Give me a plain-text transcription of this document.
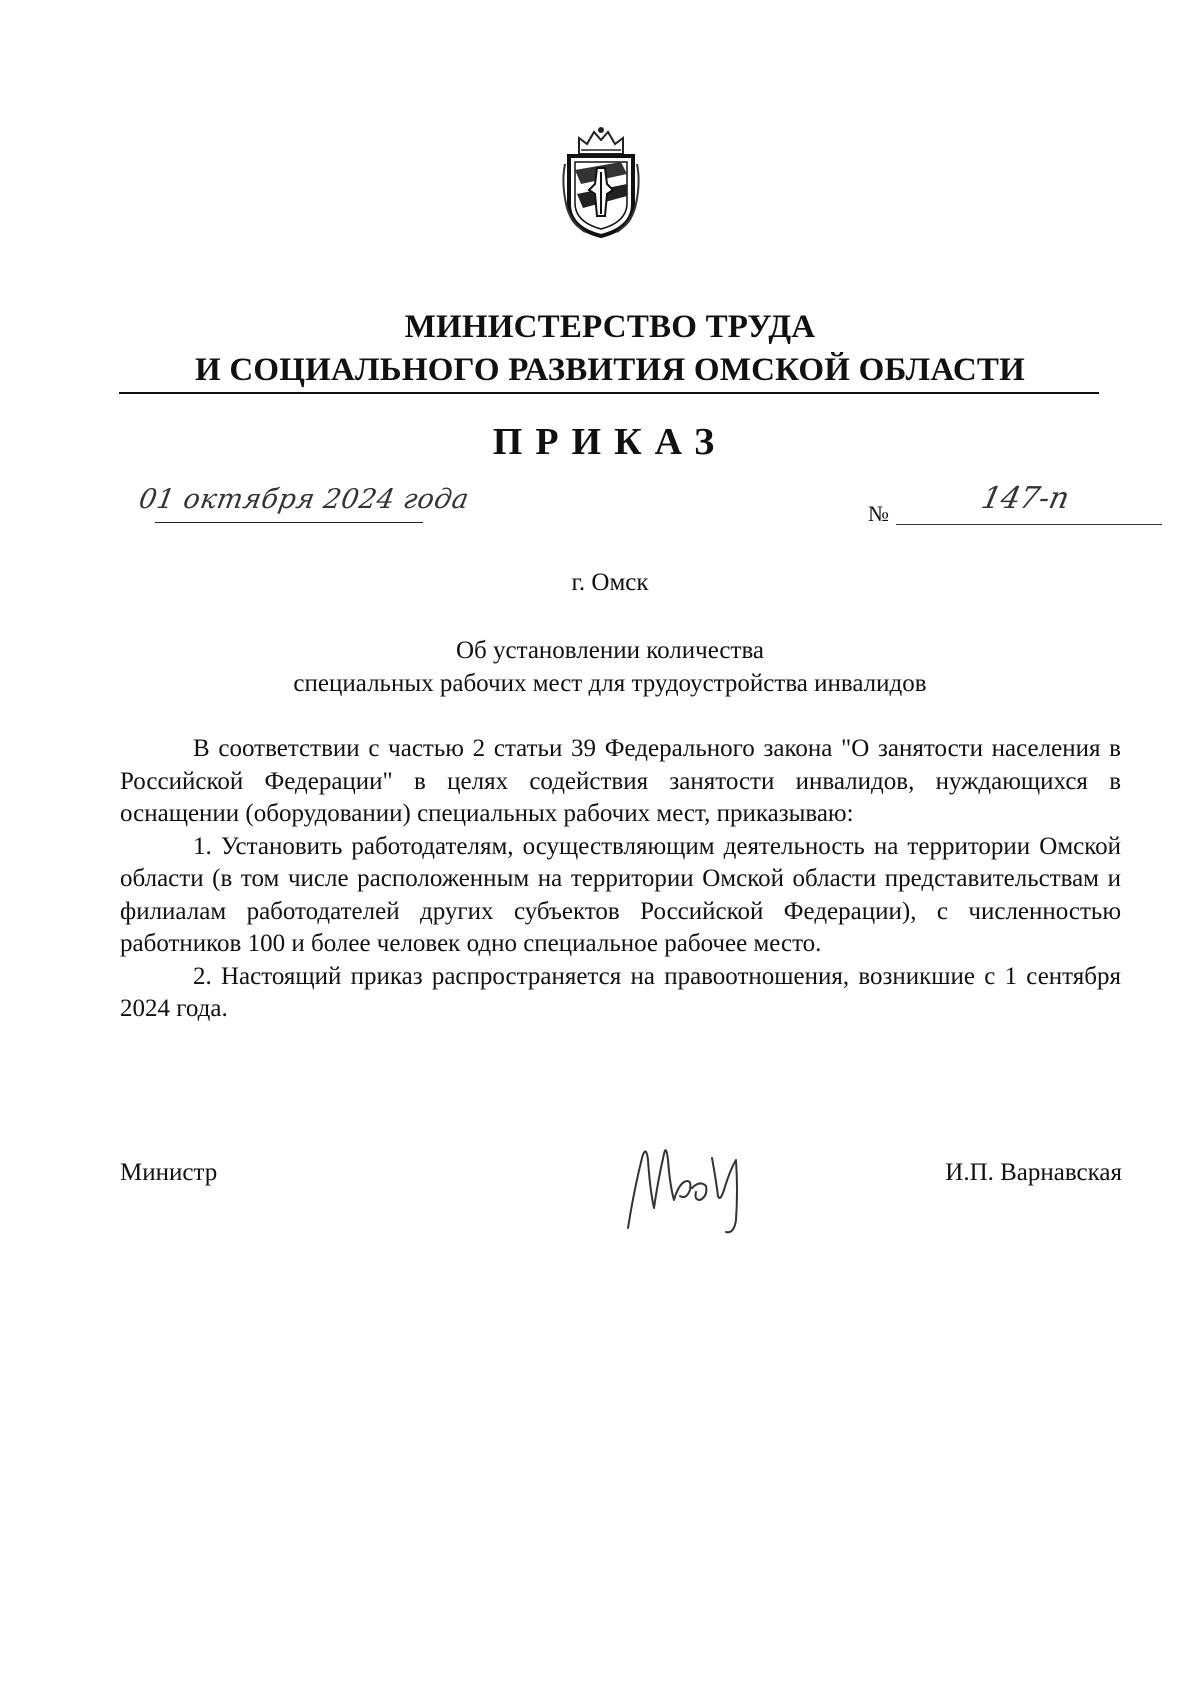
МИНИСТЕРСТВО ТРУДА
И СОЦИАЛЬНОГО РАЗВИТИЯ ОМСКОЙ ОБЛАСТИ
ПРИКАЗ
01 октября 2024 года	№	147-п
г. Омск
Об установлении количества
специальных рабочих мест для трудоустройства инвалидов

В соответствии с частью 2 статьи 39 Федерального закона "О занятости населения в Российской Федерации" в целях содействия занятости инвалидов, нуждающихся в оснащении (оборудовании) специальных рабочих мест, приказываю:

1. Установить работодателям, осуществляющим деятельность на территории Омской области (в том числе расположенным на территории Омской области представительствам и филиалам работодателей других субъектов Российской Федерации), с численностью работников 100 и более человек одно специальное рабочее место.

2. Настоящий приказ распространяется на правоотношения, возникшие с 1 сентября 2024 года.

Министр	И.П. Варнавская
